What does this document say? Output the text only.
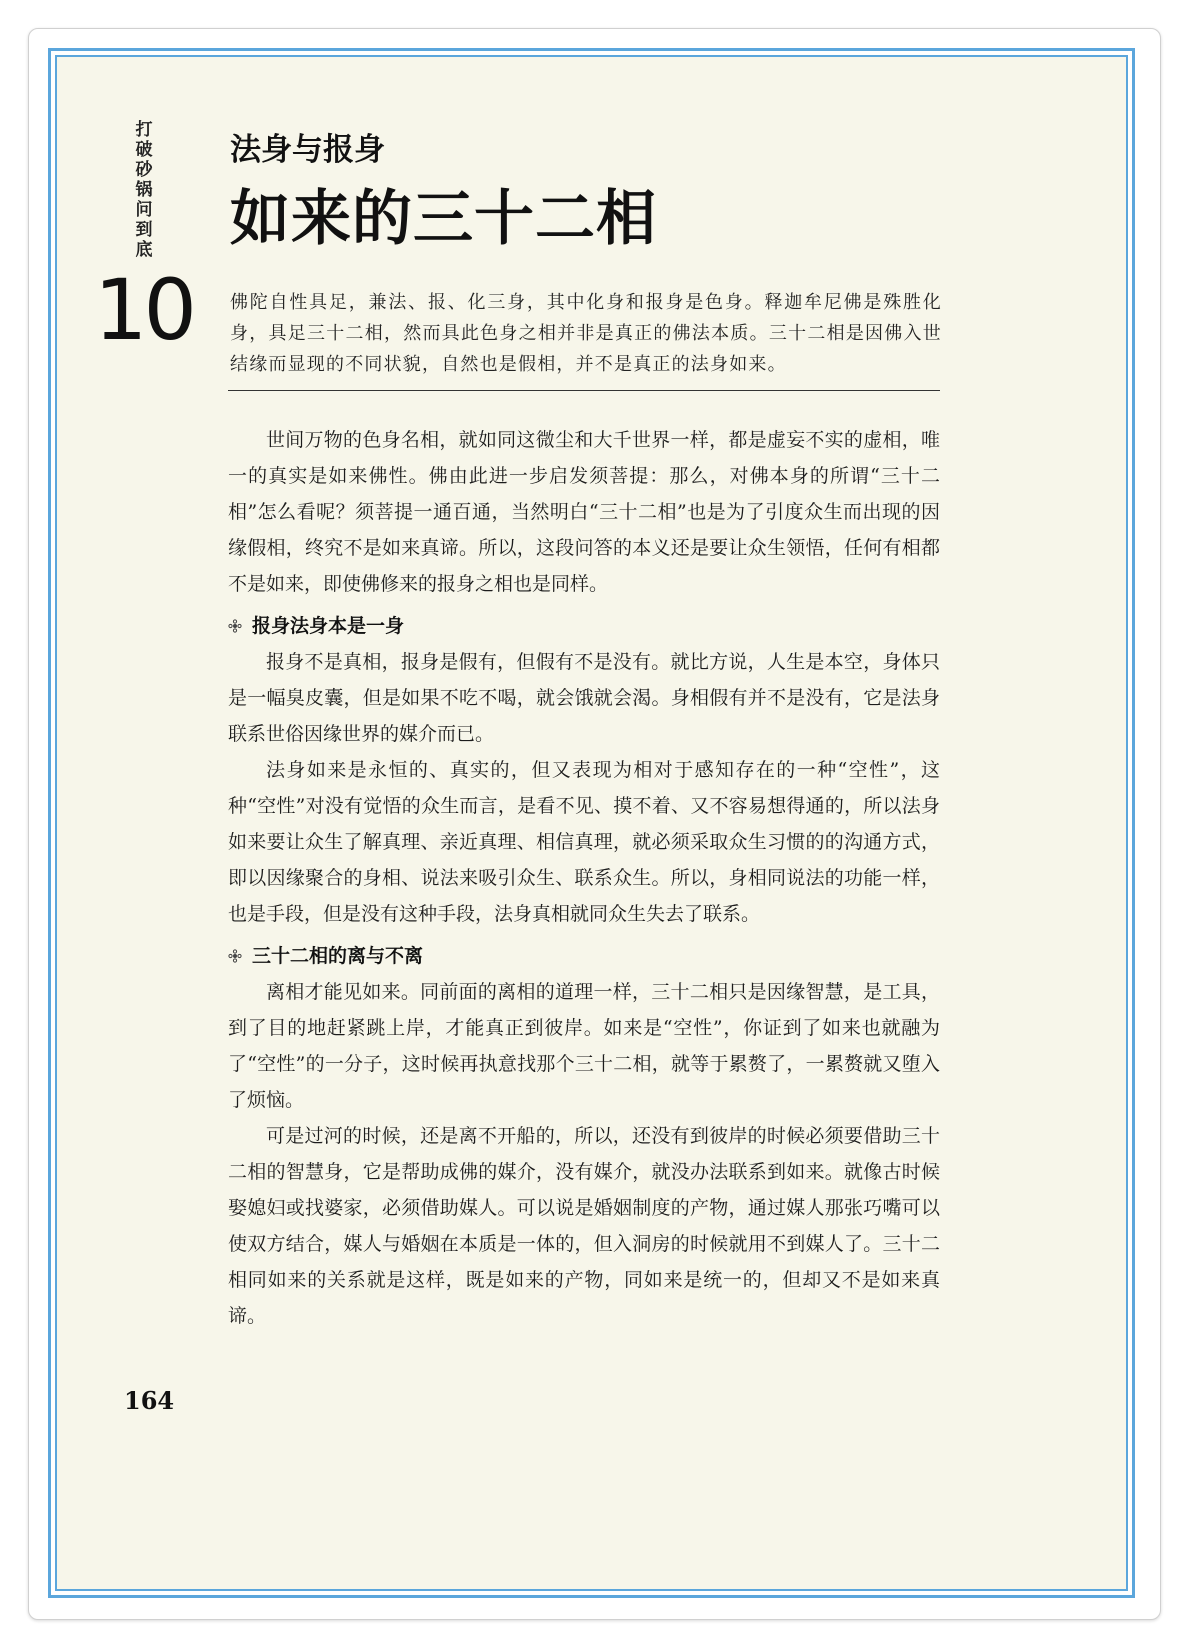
打破砂锅问到底
10
法身与报身
如来的三十二相
佛陀自性具足，兼法、报、化三身，其中化身和报身是色身。释迦牟尼佛是殊胜化身，具足三十二相，然而具此色身之相并非是真正的佛法本质。三十二相是因佛入世结缘而显现的不同状貌，自然也是假相，并不是真正的法身如来。

世间万物的色身名相，就如同这微尘和大千世界一样，都是虚妄不实的虚相，唯一的真实是如来佛性。佛由此进一步启发须菩提：那么，对佛本身的所谓“三十二相”怎么看呢？须菩提一通百通，当然明白“三十二相”也是为了引度众生而出现的因缘假相，终究不是如来真谛。所以，这段问答的本义还是要让众生领悟，任何有相都不是如来，即使佛修来的报身之相也是同样。

报身法身本是一身

报身不是真相，报身是假有，但假有不是没有。就比方说，人生是本空，身体只是一幅臭皮囊，但是如果不吃不喝，就会饿就会渴。身相假有并不是没有，它是法身联系世俗因缘世界的媒介而已。

法身如来是永恒的、真实的，但又表现为相对于感知存在的一种“空性”，这种“空性”对没有觉悟的众生而言，是看不见、摸不着、又不容易想得通的，所以法身如来要让众生了解真理、亲近真理、相信真理，就必须采取众生习惯的的沟通方式，即以因缘聚合的身相、说法来吸引众生、联系众生。所以，身相同说法的功能一样，也是手段，但是没有这种手段，法身真相就同众生失去了联系。

三十二相的离与不离

离相才能见如来。同前面的离相的道理一样，三十二相只是因缘智慧，是工具，到了目的地赶紧跳上岸，才能真正到彼岸。如来是“空性”，你证到了如来也就融为了“空性”的一分子，这时候再执意找那个三十二相，就等于累赘了，一累赘就又堕入了烦恼。

可是过河的时候，还是离不开船的，所以，还没有到彼岸的时候必须要借助三十二相的智慧身，它是帮助成佛的媒介，没有媒介，就没办法联系到如来。就像古时候娶媳妇或找婆家，必须借助媒人。可以说是婚姻制度的产物，通过媒人那张巧嘴可以使双方结合，媒人与婚姻在本质是一体的，但入洞房的时候就用不到媒人了。三十二相同如来的关系就是这样，既是如来的产物，同如来是统一的，但却又不是如来真谛。

164
